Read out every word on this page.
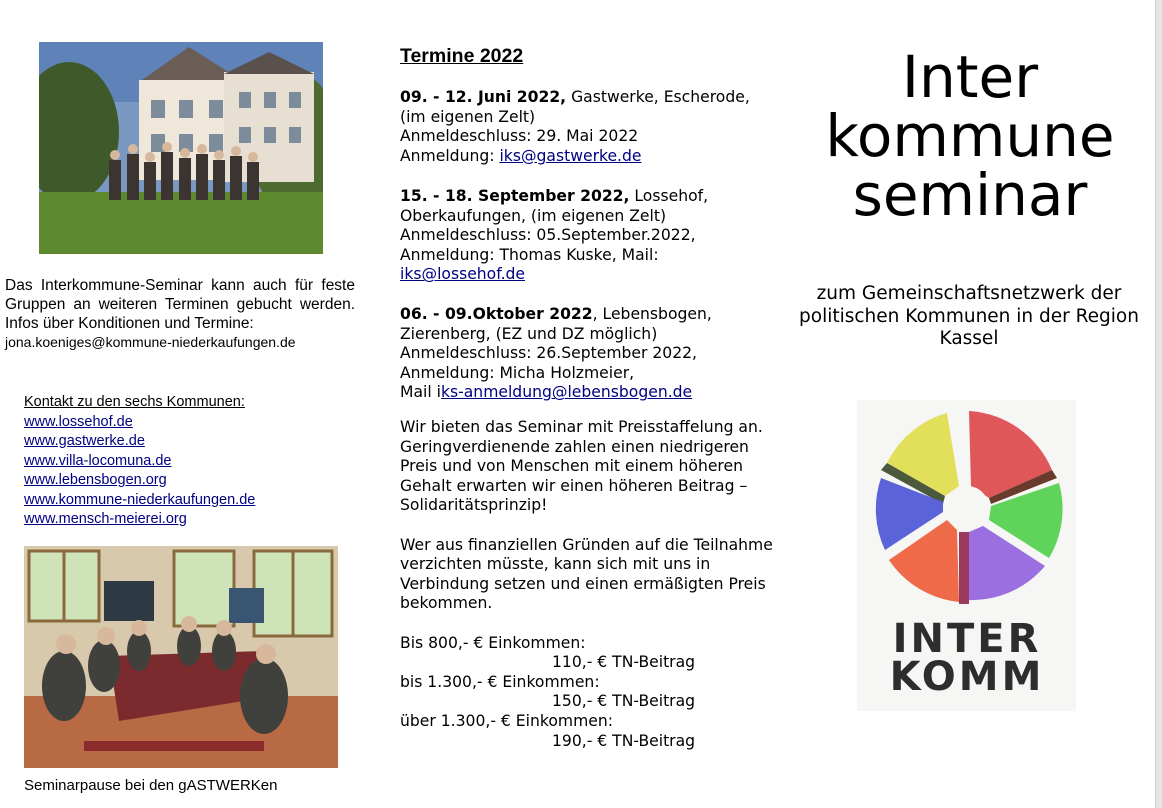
Das Interkommune-Seminar kann auch für feste Gruppen an weiteren Terminen gebucht werden. Infos über Konditionen und Termine:
jona.koeniges@kommune-niederkaufungen.de
Kontakt zu den sechs Kommunen:
www.lossehof.de
www.gastwerke.de
www.villa-locomuna.de
www.lebensbogen.org
www.kommune-niederkaufungen.de
www.mensch-meierei.org
Seminarpause bei den gASTWERKen
Termine 2022
09. - 12. Juni 2022, Gastwerke, Escherode, (im eigenen Zelt)
Anmeldeschluss: 29. Mai 2022
Anmeldung: iks@gastwerke.de
15. - 18. September 2022, Lossehof, Oberkaufungen, (im eigenen Zelt)
Anmeldeschluss: 05.September.2022,
Anmeldung: Thomas Kuske, Mail:
iks@lossehof.de
06. - 09.Oktober 2022, Lebensbogen, Zierenberg, (EZ und DZ möglich)
Anmeldeschluss: 26.September 2022,
Anmeldung: Micha Holzmeier,
Mail iks-anmeldung@lebensbogen.de
Wir bieten das Seminar mit Preisstaffelung an. Geringverdienende zahlen einen niedrigeren Preis und von Menschen mit einem höheren Gehalt erwarten wir einen höheren Beitrag – Solidaritätsprinzip!
Wer aus finanziellen Gründen auf die Teilnahme verzichten müsste, kann sich mit uns in Verbindung setzen und einen ermäßigten Preis bekommen.
Bis 800,- € Einkommen:
110,- € TN-Beitrag
bis 1.300,- € Einkommen:
150,- € TN-Beitrag
über 1.300,- € Einkommen:
190,- € TN-Beitrag
Inter
kommune
seminar
zum Gemeinschaftsnetzwerk der politischen Kommunen in der Region Kassel
INTER
KOMM
